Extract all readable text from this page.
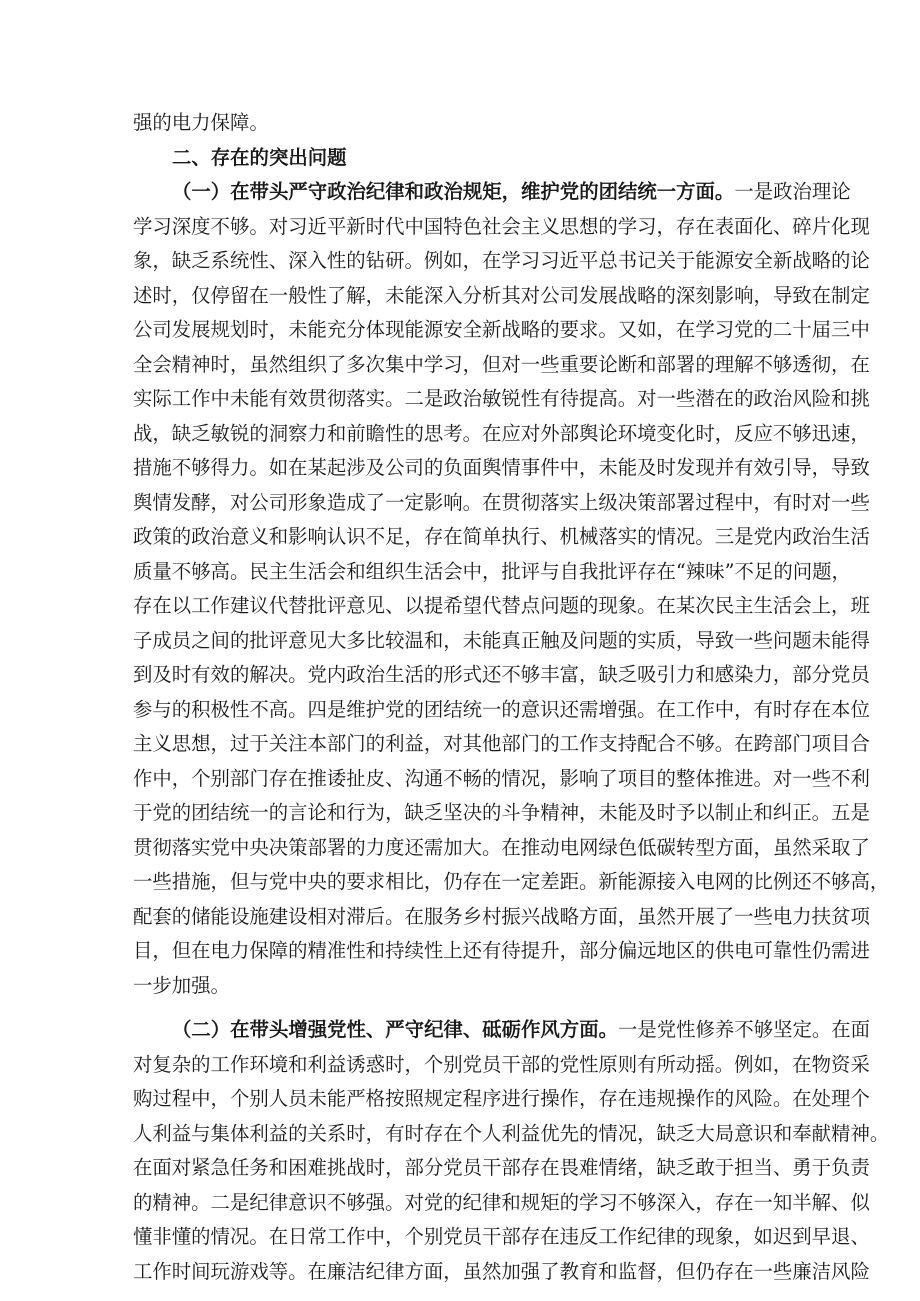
强的电力保障。
二、存在的突出问题
（一）在带头严守政治纪律和政治规矩，维护党的团结统一方面。一是政治理论
学习深度不够。对习近平新时代中国特色社会主义思想的学习，存在表面化、碎片化现
象，缺乏系统性、深入性的钻研。例如，在学习习近平总书记关于能源安全新战略的论
述时，仅停留在一般性了解，未能深入分析其对公司发展战略的深刻影响，导致在制定
公司发展规划时，未能充分体现能源安全新战略的要求。又如，在学习党的二十届三中
全会精神时，虽然组织了多次集中学习，但对一些重要论断和部署的理解不够透彻，在
实际工作中未能有效贯彻落实。二是政治敏锐性有待提高。对一些潜在的政治风险和挑
战，缺乏敏锐的洞察力和前瞻性的思考。在应对外部舆论环境变化时，反应不够迅速，
措施不够得力。如在某起涉及公司的负面舆情事件中，未能及时发现并有效引导，导致
舆情发酵，对公司形象造成了一定影响。在贯彻落实上级决策部署过程中，有时对一些
政策的政治意义和影响认识不足，存在简单执行、机械落实的情况。三是党内政治生活
质量不够高。民主生活会和组织生活会中，批评与自我批评存在“辣味”不足的问题，
存在以工作建议代替批评意见、以提希望代替点问题的现象。在某次民主生活会上，班
子成员之间的批评意见大多比较温和，未能真正触及问题的实质，导致一些问题未能得
到及时有效的解决。党内政治生活的形式还不够丰富，缺乏吸引力和感染力，部分党员
参与的积极性不高。四是维护党的团结统一的意识还需增强。在工作中，有时存在本位
主义思想，过于关注本部门的利益，对其他部门的工作支持配合不够。在跨部门项目合
作中，个别部门存在推诿扯皮、沟通不畅的情况，影响了项目的整体推进。对一些不利
于党的团结统一的言论和行为，缺乏坚决的斗争精神，未能及时予以制止和纠正。五是
贯彻落实党中央决策部署的力度还需加大。在推动电网绿色低碳转型方面，虽然采取了
一些措施，但与党中央的要求相比，仍存在一定差距。新能源接入电网的比例还不够高，
配套的储能设施建设相对滞后。在服务乡村振兴战略方面，虽然开展了一些电力扶贫项
目，但在电力保障的精准性和持续性上还有待提升，部分偏远地区的供电可靠性仍需进
一步加强。
（二）在带头增强党性、严守纪律、砥砺作风方面。一是党性修养不够坚定。在面
对复杂的工作环境和利益诱惑时，个别党员干部的党性原则有所动摇。例如，在物资采
购过程中，个别人员未能严格按照规定程序进行操作，存在违规操作的风险。在处理个
人利益与集体利益的关系时，有时存在个人利益优先的情况，缺乏大局意识和奉献精神。
在面对紧急任务和困难挑战时，部分党员干部存在畏难情绪，缺乏敢于担当、勇于负责
的精神。二是纪律意识不够强。对党的纪律和规矩的学习不够深入，存在一知半解、似
懂非懂的情况。在日常工作中，个别党员干部存在违反工作纪律的现象，如迟到早退、
工作时间玩游戏等。在廉洁纪律方面，虽然加强了教育和监督，但仍存在一些廉洁风险
